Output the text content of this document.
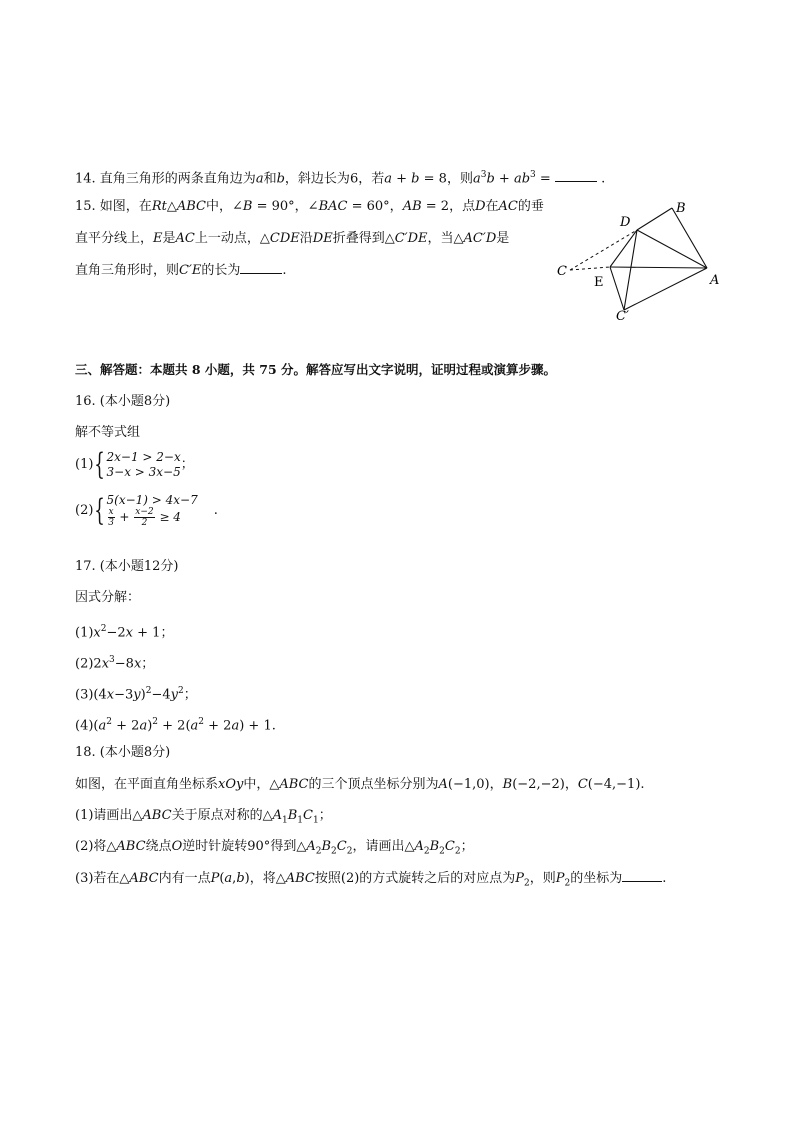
14. 直角三角形的两条直角边为a和b，斜边长为6，若a + b = 8，则$a^3b + ab^3$ =	.
15. 如图，在Rt△ABC中，∠B = 90°，∠BAC = 60°，AB = 2，点D在AC的垂
直平分线上，E是AC上一动点，△CDE沿DE折叠得到△C′DE，当△AC′D是
直角三角形时，则C′E的长为	.
D
B
C
E	A
C′
三、解答题：本题共 8 小题，共 75 分。解答应写出文字说明，证明过程或演算步骤。
16. (本小题8分)
解不等式组
(1) { 2x−1 > 2−x
3−x > 3x−5 ；
(2) { 5(x−1) > 4x−7
$\frac{x}{3} + \frac{x-2}{2} \ge 4$	.
17. (本小题12分)
因式分解：
$(1)x^2-2x + 1$；
$(2)2x^3-8x$；
$(3)(4x-3y)^2-4y^2$；
$(4)(a^2 + 2a)^2 + 2(a^2 + 2a) + 1$.
18. (本小题8分)
如图，在平面直角坐标系xOy中，△ABC的三个顶点坐标分别为A(−1,0)，B(−2,−2)，C(−4,−1).
(1)请画出△ABC关于原点对称的$\triangle A_1B_1C_1$；
(2)将△ABC绕点O逆时针旋转90°得到$\triangle A_2B_2C_2$，请画出$\triangle A_2B_2C_2$；
(3)若在△ABC内有一点P(a,b)，将△ABC按照(2)的方式旋转之后的对应点为$P_2$，则$P_2$的坐标为	.
